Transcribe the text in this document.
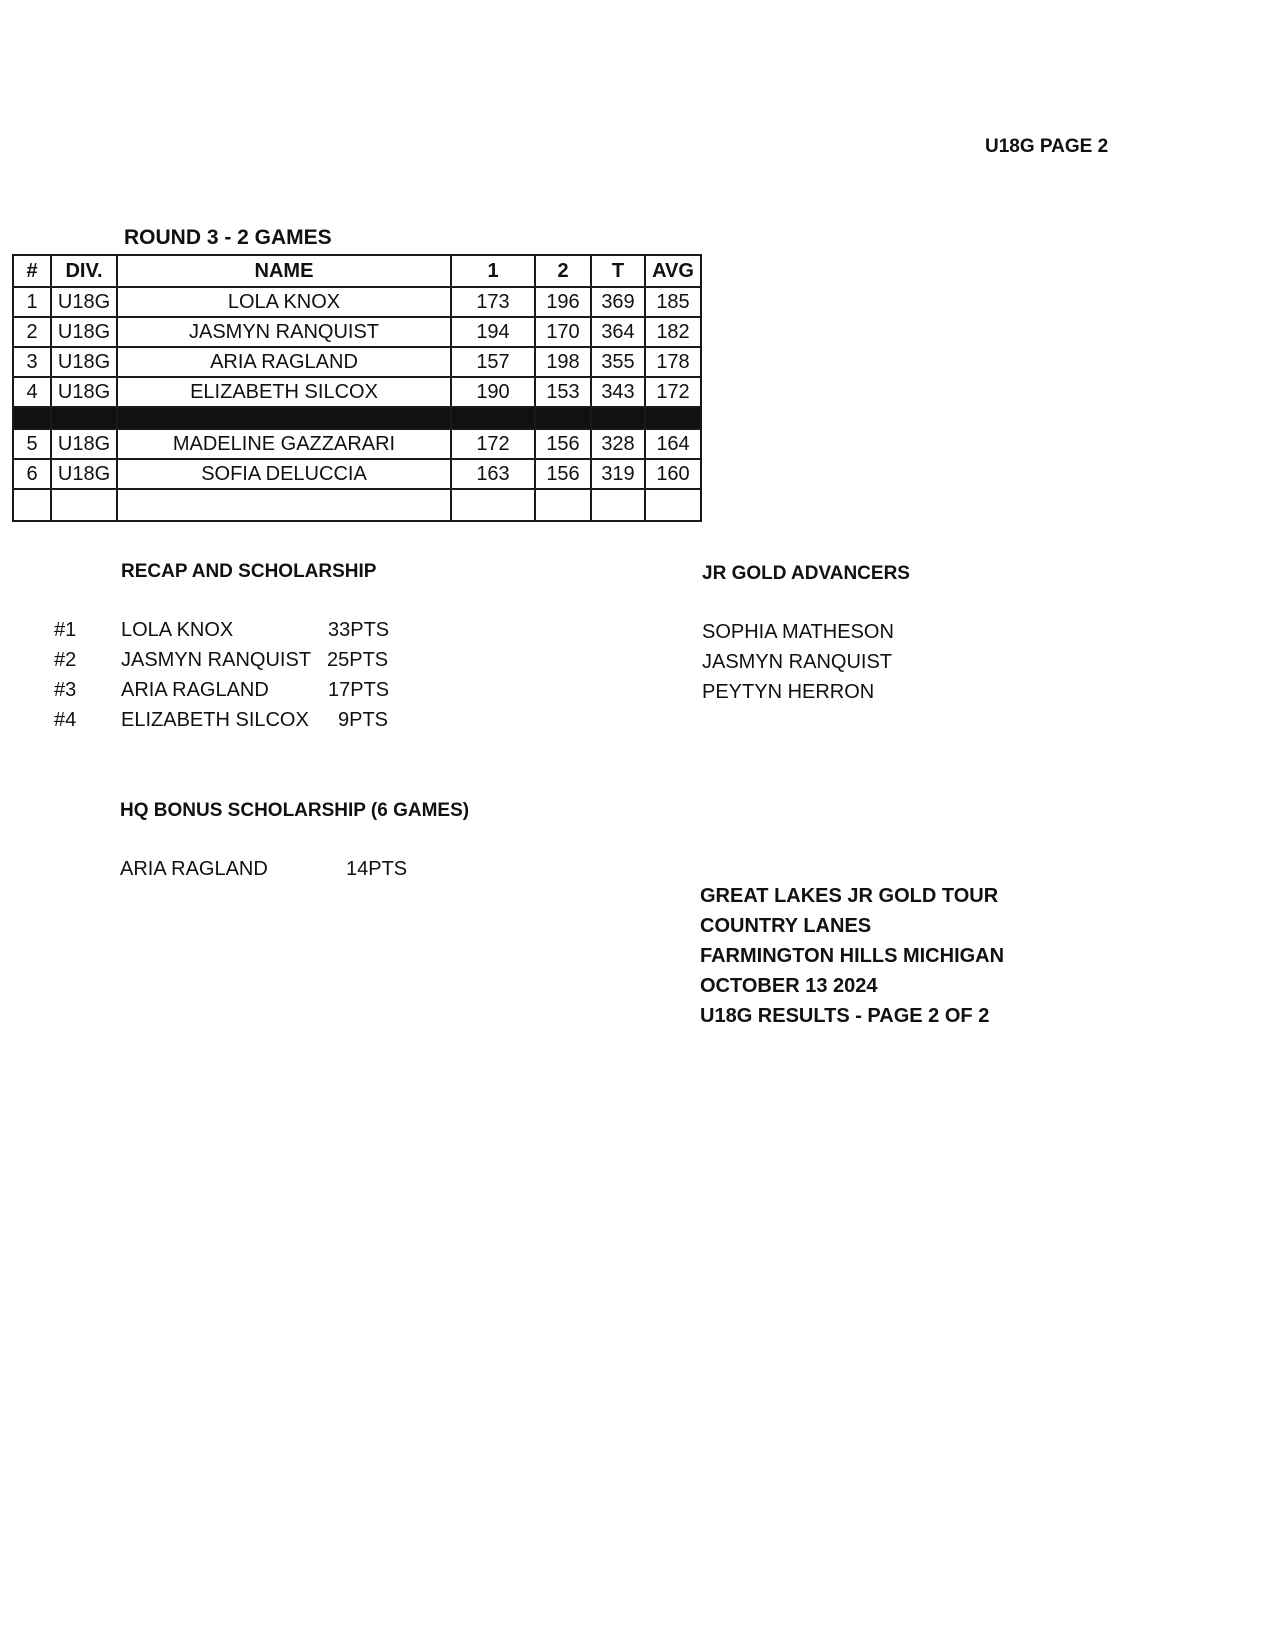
U18G PAGE 2
ROUND 3 - 2 GAMES
#	DIV.	NAME	1	2	T	AVG
1	U18G	LOLA KNOX	173	196	369	185
2	U18G	JASMYN RANQUIST	194	170	364	182
3	U18G	ARIA RAGLAND	157	198	355	178
4	U18G	ELIZABETH SILCOX	190	153	343	172

5	U18G	MADELINE GAZZARARI	172	156	328	164
6	U18G	SOFIA DELUCCIA	163	156	319	160

RECAP AND SCHOLARSHIP
#1 LOLA KNOX	33PTS
#2 JASMYN RANQUIST 25PTS
#3 ARIA RAGLAND	17PTS
#4 ELIZABETH SILCOX 9PTS
JR GOLD ADVANCERS
SOPHIA MATHESON
JASMYN RANQUIST
PEYTYN HERRON
HQ BONUS SCHOLARSHIP (6 GAMES)
ARIA RAGLAND	14PTS
GREAT LAKES JR GOLD TOUR
COUNTRY LANES
FARMINGTON HILLS MICHIGAN
OCTOBER 13 2024
U18G RESULTS - PAGE 2 OF 2
